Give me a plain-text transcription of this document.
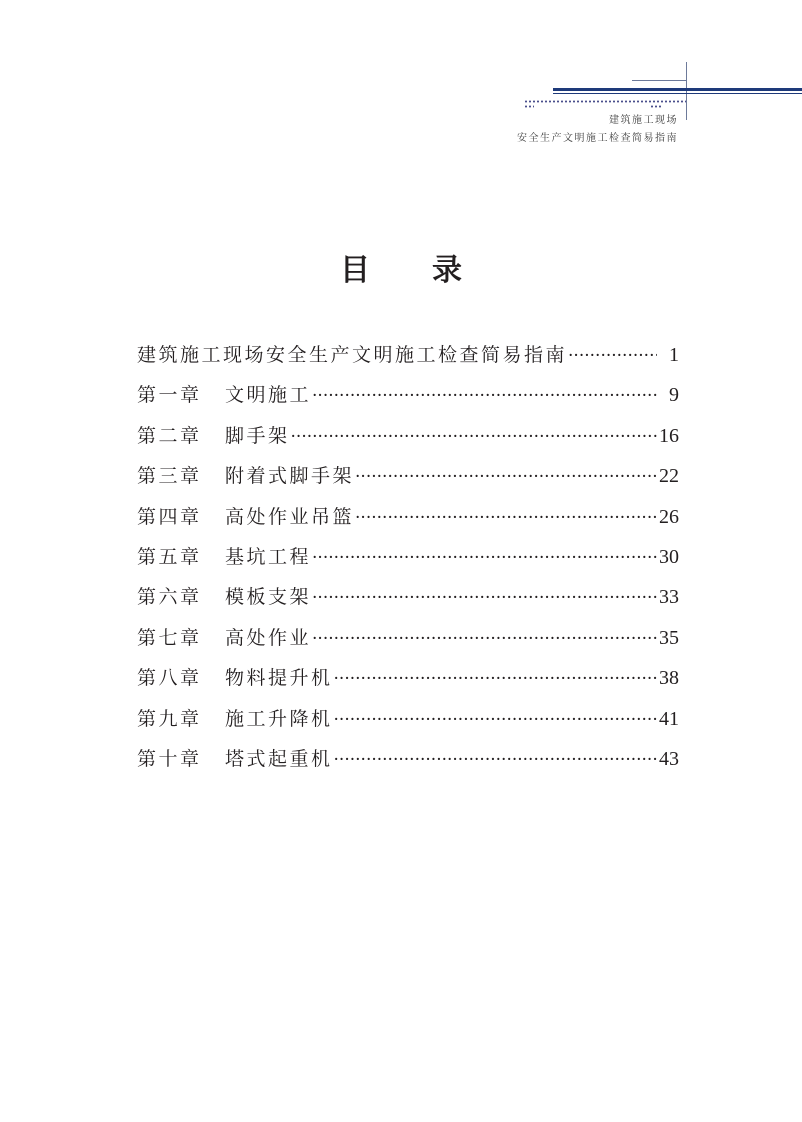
建筑施工现场
安全生产文明施工检查简易指南
目 录
建筑施工现场安全生产文明施工检查简易指南 ·····	1
第一章	文明施工 ·····	9
第二章	脚手架 ·····	16
第三章	附着式脚手架 ·····	22
第四章	高处作业吊篮 ·····	26
第五章	基坑工程 ·····	30
第六章	模板支架 ·····	33
第七章	高处作业 ·····	35
第八章	物料提升机 ·····	38
第九章	施工升降机 ·····	41
第十章	塔式起重机 ·····	43
